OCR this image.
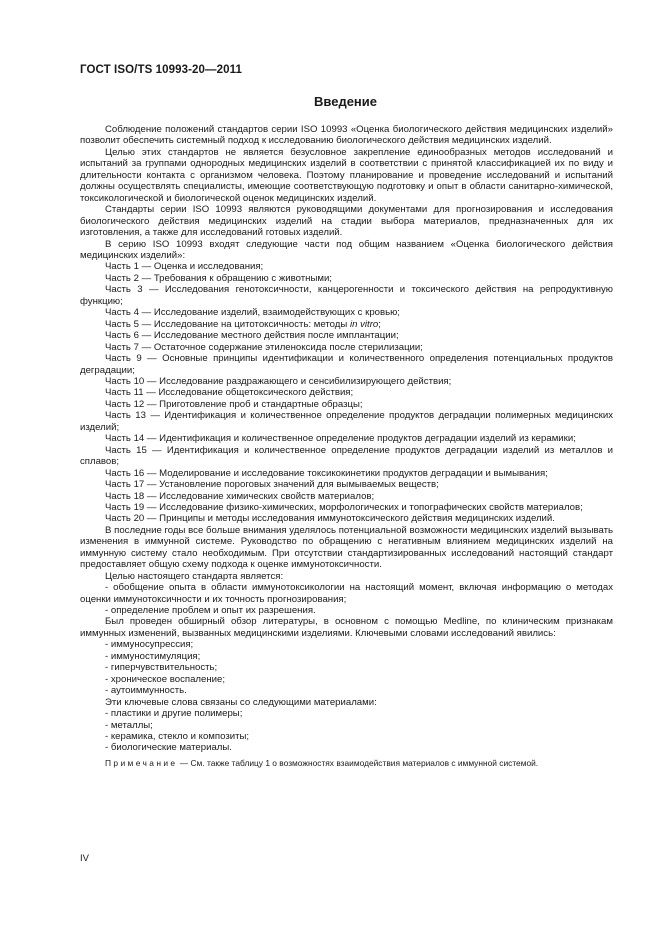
ГОСТ ISO/TS 10993-20—2011
Введение

Соблюдение положений стандартов серии ISO 10993 «Оценка биологического действия медицинских изделий» позволит обеспечить системный подход к исследованию биологического действия медицинских изделий.

Целью этих стандартов не является безусловное закрепление единообразных методов исследований и испытаний за группами однородных медицинских изделий в соответствии с принятой классификацией их по виду и длительности контакта с организмом человека. Поэтому планирование и проведение исследований и испытаний должны осуществлять специалисты, имеющие соответствующую подготовку и опыт в области санитарно-химической, токсикологической и биологической оценок медицинских изделий.

Стандарты серии ISO 10993 являются руководящими документами для прогнозирования и исследования биологического действия медицинских изделий на стадии выбора материалов, предназначенных для их изготовления, а также для исследований готовых изделий.

В серию ISO 10993 входят следующие части под общим названием «Оценка биологического действия медицинских изделий»:

Часть 1 — Оценка и исследования;

Часть 2 — Требования к обращению с животными;

Часть 3 — Исследования генотоксичности, канцерогенности и токсического действия на репродуктивную функцию;

Часть 4 — Исследование изделий, взаимодействующих с кровью;

Часть 5 — Исследование на цитотоксичность: методы in vitro;

Часть 6 — Исследование местного действия после имплантации;

Часть 7 — Остаточное содержание этиленоксида после стерилизации;

Часть 9 — Основные принципы идентификации и количественного определения потенциальных продуктов деградации;

Часть 10 — Исследование раздражающего и сенсибилизирующего действия;

Часть 11 — Исследование общетоксического действия;

Часть 12 — Приготовление проб и стандартные образцы;

Часть 13 — Идентификация и количественное определение продуктов деградации полимерных медицинских изделий;

Часть 14 — Идентификация и количественное определение продуктов деградации изделий из керамики;

Часть 15 — Идентификация и количественное определение продуктов деградации изделий из металлов и сплавов;

Часть 16 — Моделирование и исследование токсикокинетики продуктов деградации и вымывания;

Часть 17 — Установление пороговых значений для вымываемых веществ;

Часть 18 — Исследование химических свойств материалов;

Часть 19 — Исследование физико-химических, морфологических и топографических свойств материалов;

Часть 20 — Принципы и методы исследования иммунотоксического действия медицинских изделий.

В последние годы все больше внимания уделялось потенциальной возможности медицинских изделий вызывать изменения в иммунной системе. Руководство по обращению с негативным влиянием медицинских изделий на иммунную систему стало необходимым. При отсутствии стандартизированных исследований настоящий стандарт предоставляет общую схему подхода к оценке иммунотоксичности.

Целью настоящего стандарта является:

- обобщение опыта в области иммунотоксикологии на настоящий момент, включая информацию о методах оценки иммунотоксичности и их точность прогнозирования;

- определение проблем и опыт их разрешения.

Был проведен обширный обзор литературы, в основном с помощью Medline, по клиническим признакам иммунных изменений, вызванных медицинскими изделиями. Ключевыми словами исследований явились:

- иммуносупрессия;

- иммуностимуляция;

- гиперчувствительность;

- хроническое воспаление;

- аутоиммунность.

Эти ключевые слова связаны со следующими материалами:

- пластики и другие полимеры;

- металлы;

- керамика, стекло и композиты;

- биологические материалы.

Примечание — См. также таблицу 1 о возможностях взаимодействия материалов с иммунной системой.

IV
